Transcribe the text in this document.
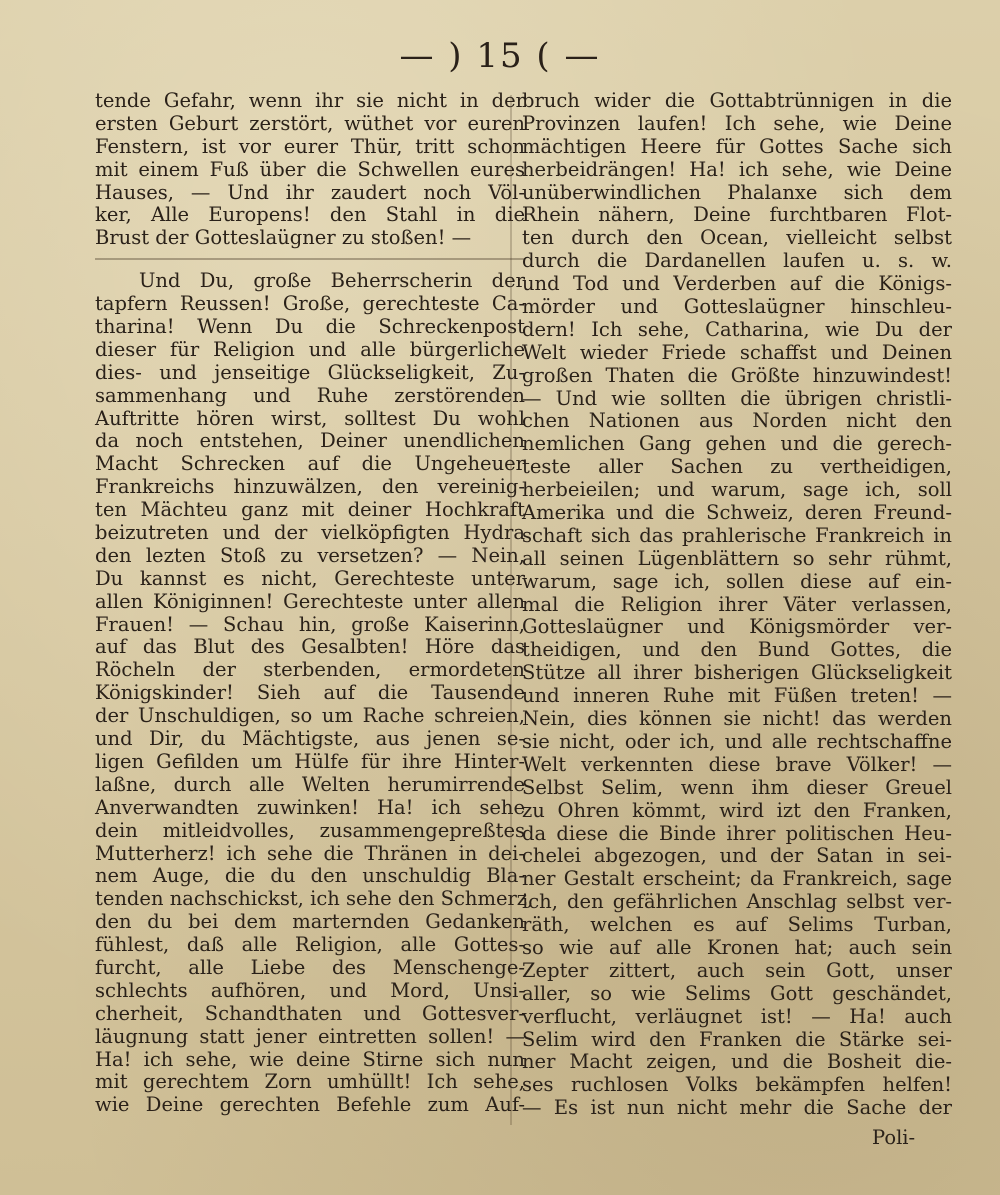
— ) 15 ( —
tende Gefahr, wenn ihr sie nicht in der
ersten Geburt zerstört, wüthet vor euren
Fenstern, ist vor eurer Thür, tritt schon
mit einem Fuß über die Schwellen eures
Hauses, — Und ihr zaudert noch Völ-
ker, Alle Europens! den Stahl in die
Brust der Gotteslaügner zu stoßen! —
Und Du, große Beherrscherin der
tapfern Reussen! Große, gerechteste Ca-
tharina! Wenn Du die Schreckenpost
dieser für Religion und alle bürgerliche
dies- und jenseitige Glückseligkeit, Zu-
sammenhang und Ruhe zerstörenden
Auftritte hören wirst, solltest Du wohl
da noch entstehen, Deiner unendlichen
Macht Schrecken auf die Ungeheuer
Frankreichs hinzuwälzen, den vereinig-
ten Mächteu ganz mit deiner Hochkraft
beizutreten und der vielköpfigten Hydra
den lezten Stoß zu versetzen? — Nein,
Du kannst es nicht, Gerechteste unter
allen Königinnen! Gerechteste unter allen
Frauen! — Schau hin, große Kaiserinn,
auf das Blut des Gesalbten! Höre das
Röcheln der sterbenden, ermordeten
Königskinder! Sieh auf die Tausende
der Unschuldigen, so um Rache schreien,
und Dir, du Mächtigste, aus jenen se-
ligen Gefilden um Hülfe für ihre Hinter-
laßne, durch alle Welten herumirrende
Anverwandten zuwinken! Ha! ich sehe
dein mitleidvolles, zusammengepreßtes
Mutterherz! ich sehe die Thränen in dei-
nem Auge, die du den unschuldig Bla-
tenden nachschickst, ich sehe den Schmerz,
den du bei dem marternden Gedanken
fühlest, daß alle Religion, alle Gottes-
furcht, alle Liebe des Menschenge-
schlechts aufhören, und Mord, Unsi-
cherheit, Schandthaten und Gottesver-
läugnung statt jener eintretten sollen! —
Ha! ich sehe, wie deine Stirne sich nun
mit gerechtem Zorn umhüllt! Ich sehe,
wie Deine gerechten Befehle zum Auf-
bruch wider die Gottabtrünnigen in die
Provinzen laufen! Ich sehe, wie Deine
mächtigen Heere für Gottes Sache sich
herbeidrängen! Ha! ich sehe, wie Deine
unüberwindlichen Phalanxe sich dem
Rhein nähern, Deine furchtbaren Flot-
ten durch den Ocean, vielleicht selbst
durch die Dardanellen laufen u. s. w.
und Tod und Verderben auf die Königs-
mörder und Gotteslaügner hinschleu-
dern! Ich sehe, Catharina, wie Du der
Welt wieder Friede schaffst und Deinen
großen Thaten die Größte hinzuwindest!
— Und wie sollten die übrigen christli-
chen Nationen aus Norden nicht den
nemlichen Gang gehen und die gerech-
teste aller Sachen zu vertheidigen,
herbeieilen; und warum, sage ich, soll
Amerika und die Schweiz, deren Freund-
schaft sich das prahlerische Frankreich in
all seinen Lügenblättern so sehr rühmt,
warum, sage ich, sollen diese auf ein-
mal die Religion ihrer Väter verlassen,
Gotteslaügner und Königsmörder ver-
theidigen, und den Bund Gottes, die
Stütze all ihrer bisherigen Glückseligkeit
und inneren Ruhe mit Füßen treten! —
Nein, dies können sie nicht! das werden
sie nicht, oder ich, und alle rechtschaffne
Welt verkennten diese brave Völker! —
Selbst Selim, wenn ihm dieser Greuel
zu Ohren kömmt, wird izt den Franken,
da diese die Binde ihrer politischen Heu-
chelei abgezogen, und der Satan in sei-
ner Gestalt erscheint; da Frankreich, sage
ich, den gefährlichen Anschlag selbst ver-
räth, welchen es auf Selims Turban,
so wie auf alle Kronen hat; auch sein
Zepter zittert, auch sein Gott, unser
aller, so wie Selims Gott geschändet,
verflucht, verläugnet ist! — Ha! auch
Selim wird den Franken die Stärke sei-
ner Macht zeigen, und die Bosheit die-
ses ruchlosen Volks bekämpfen helfen!
— Es ist nun nicht mehr die Sache der
Poli-
